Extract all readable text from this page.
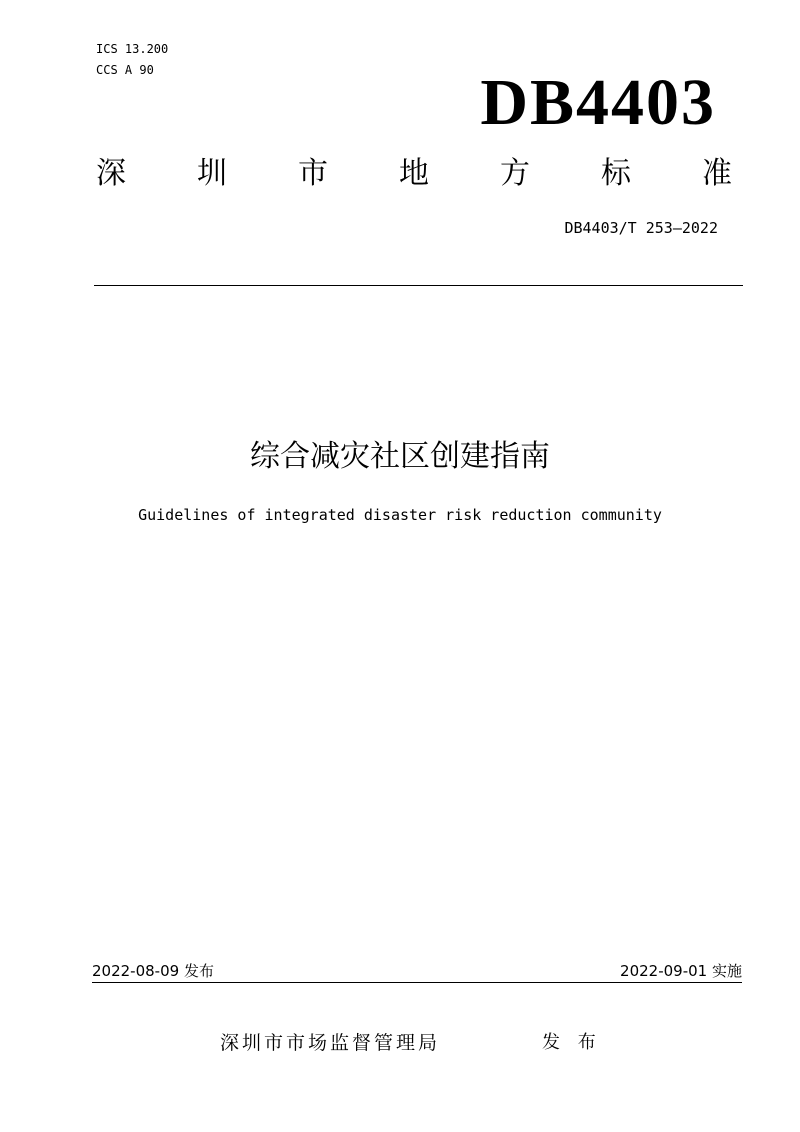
ICS 13.200
CCS A 90	DB4403
深 圳 市 地 方 标 准
DB4403/T 253—2022
综合减灾社区创建指南
Guidelines of integrated disaster risk reduction community
2022-08-09 发布	2022-09-01 实施
深圳市市场监督管理局	发 布
